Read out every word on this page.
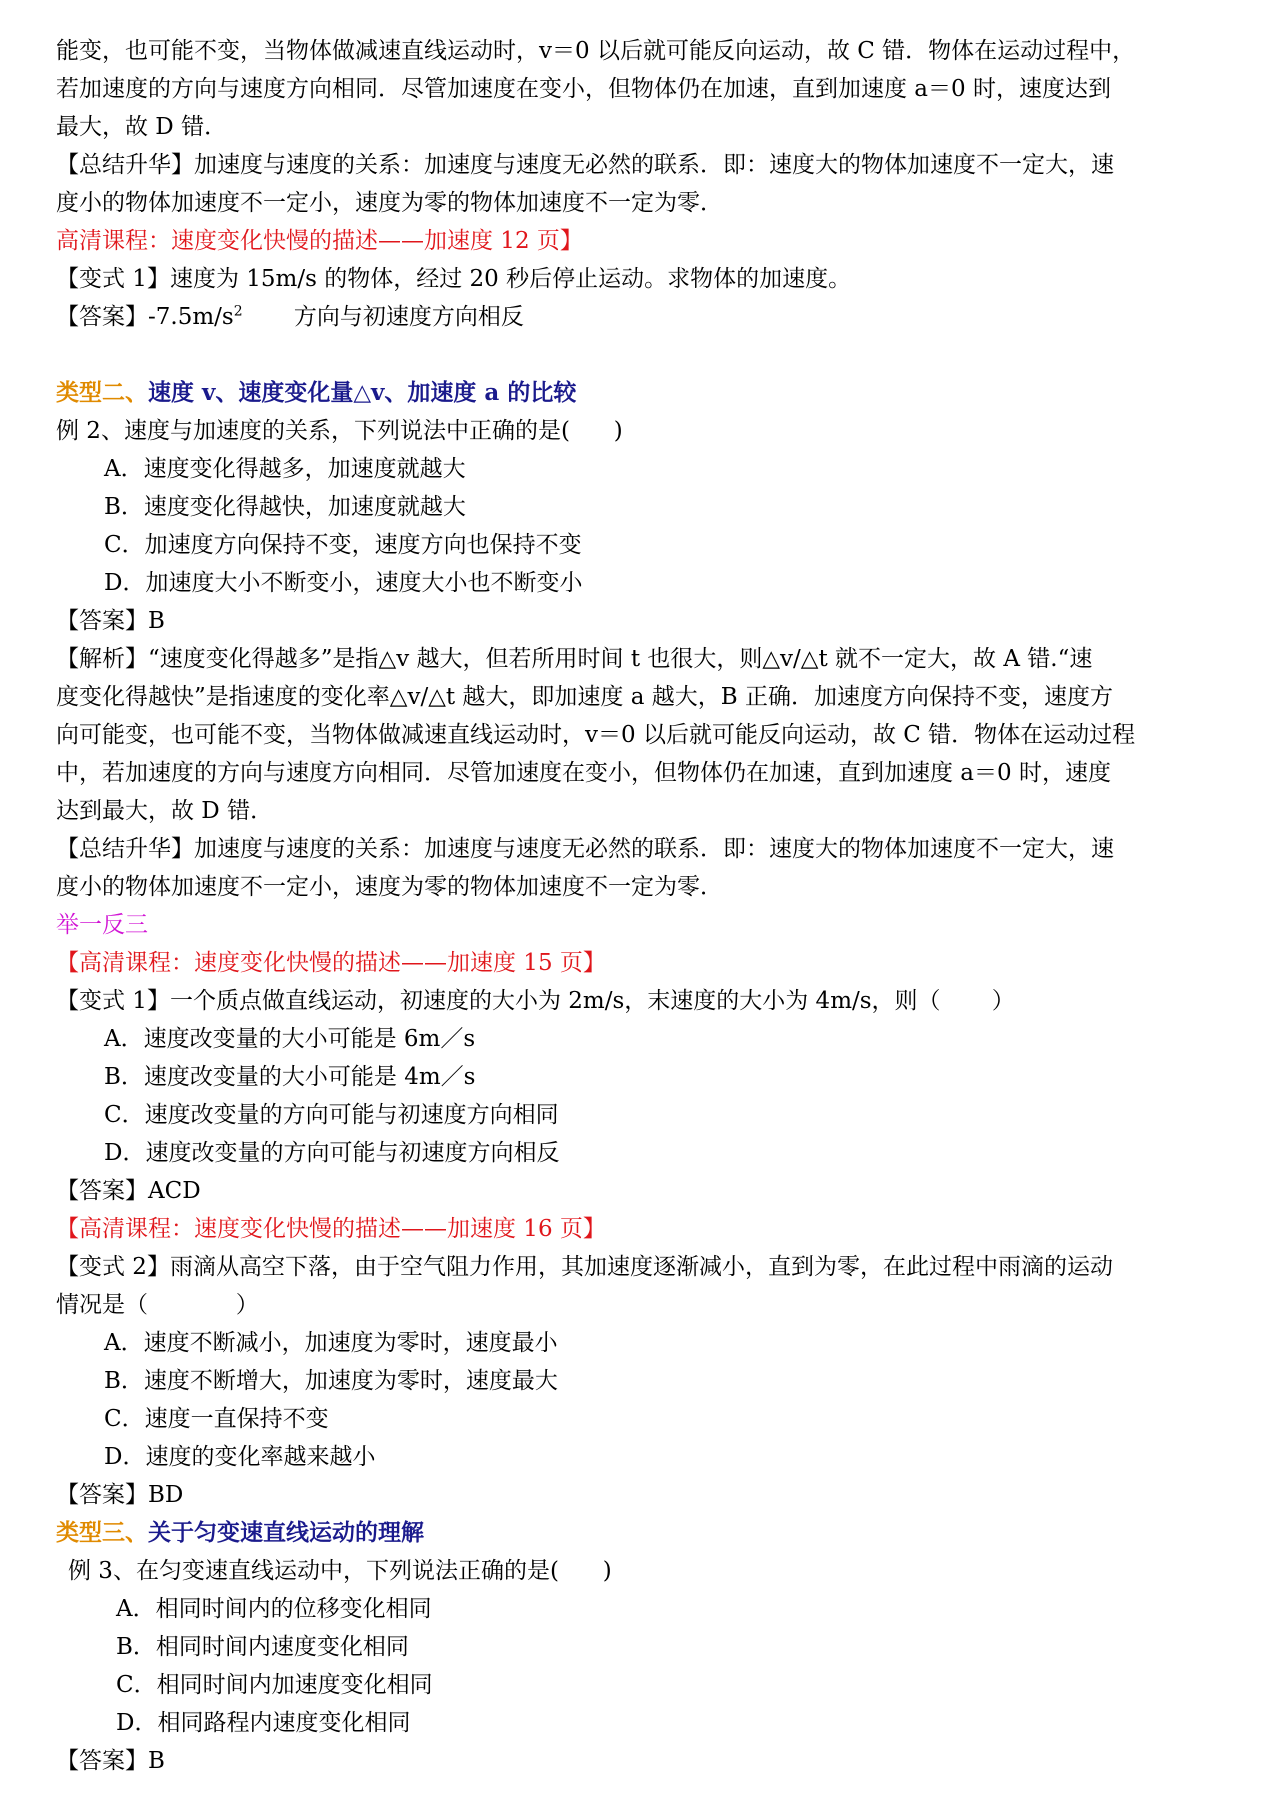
能变，也可能不变，当物体做减速直线运动时，v＝0 以后就可能反向运动，故 C 错．物体在运动过程中，
若加速度的方向与速度方向相同．尽管加速度在变小，但物体仍在加速，直到加速度 a＝0 时，速度达到
最大，故 D 错．
【总结升华】加速度与速度的关系：加速度与速度无必然的联系．即：速度大的物体加速度不一定大，速
度小的物体加速度不一定小，速度为零的物体加速度不一定为零．
高清课程：速度变化快慢的描述——加速度 12 页】
【变式 1】速度为 15m/s 的物体，经过 20 秒后停止运动。求物体的加速度。
【答案】$-7.5m/s^2$       方向与初速度方向相反
类型二、速度 v、速度变化量△v、加速度 a 的比较
例 2、速度与加速度的关系，下列说法中正确的是(      )
A．速度变化得越多，加速度就越大
B．速度变化得越快，加速度就越大
C．加速度方向保持不变，速度方向也保持不变
D．加速度大小不断变小，速度大小也不断变小
【答案】B
【解析】“速度变化得越多”是指△v 越大，但若所用时间 t 也很大，则△v/△t 就不一定大，故 A 错.“速
度变化得越快”是指速度的变化率△v/△t 越大，即加速度 a 越大，B 正确．加速度方向保持不变，速度方
向可能变，也可能不变，当物体做减速直线运动时，v＝0 以后就可能反向运动，故 C 错．物体在运动过程
中，若加速度的方向与速度方向相同．尽管加速度在变小，但物体仍在加速，直到加速度 a＝0 时，速度
达到最大，故 D 错．
【总结升华】加速度与速度的关系：加速度与速度无必然的联系．即：速度大的物体加速度不一定大，速
度小的物体加速度不一定小，速度为零的物体加速度不一定为零．
举一反三
【高清课程：速度变化快慢的描述——加速度 15 页】
【变式 1】一个质点做直线运动，初速度的大小为 2m/s，末速度的大小为 4m/s，则（       ）
A．速度改变量的大小可能是 6m／s
B．速度改变量的大小可能是 4m／s
C．速度改变量的方向可能与初速度方向相同
D．速度改变量的方向可能与初速度方向相反
【答案】ACD
【高清课程：速度变化快慢的描述——加速度 16 页】
【变式 2】雨滴从高空下落，由于空气阻力作用，其加速度逐渐减小，直到为零，在此过程中雨滴的运动
情况是（            ）
A．速度不断减小，加速度为零时，速度最小
B．速度不断增大，加速度为零时，速度最大
C．速度一直保持不变
D．速度的变化率越来越小
【答案】BD
类型三、关于匀变速直线运动的理解
例 3、在匀变速直线运动中，下列说法正确的是(      )
A．相同时间内的位移变化相同
B．相同时间内速度变化相同
C．相同时间内加速度变化相同
D．相同路程内速度变化相同
【答案】B
